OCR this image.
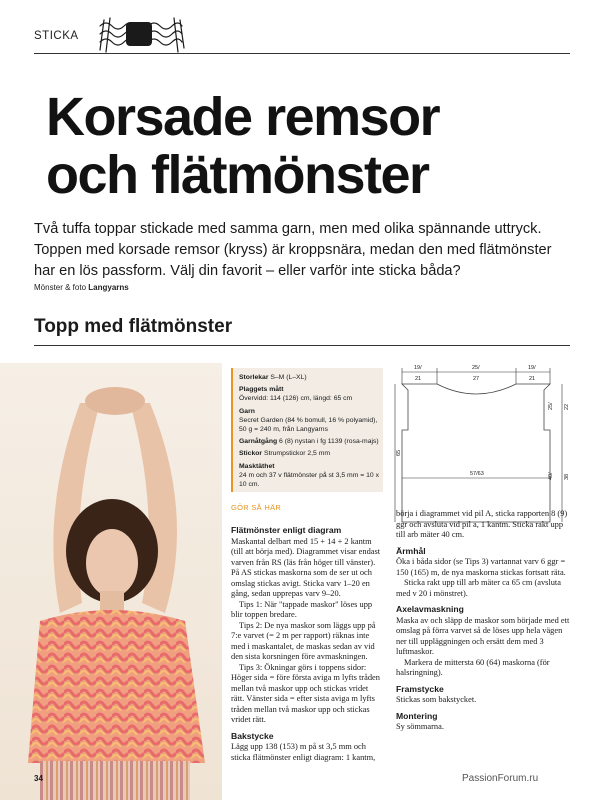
STICKA
Korsade remsor
och flätmönster
Två tuffa toppar stickade med samma garn, men med olika spännande uttryck. Toppen med korsade remsor (kryss) är kroppsnära, medan den med flätmönster har en lös passform. Välj din favorit – eller varför inte sticka båda?
Mönster & foto Langyarns
Topp med flätmönster
Storlekar S–M (L–XL)
Plaggets mått
Övervidd: 114 (126) cm, längd: 65 cm
Garn
Secret Garden (84 % bomull, 16 % polyamid), 50 g = 240 m, från Langyarns
Garnåtgång 6 (8) nystan i fg 1139 (rosa-majs)
Stickor Strumpstickor 2,5 mm
Masktäthet
24 m och 37 v flätmönster på st 3,5 mm = 10 x 10 cm.
19/	25/	19/
21	27	21
25/ 22
40/ 38
65
57/63
GÖR SÅ HÄR
Flätmönster enligt diagram
Maskantal delbart med 15 + 14 + 2 kantm (till att börja med). Diagrammet visar endast varven från RS (läs från höger till vänster). På AS stickas maskorna som de ser ut och omslag stickas avigt. Sticka varv 1–20 en gång, sedan upprepas varv 9–20.
Tips 1: När "tappade maskor" löses upp blir toppen bredare.
Tips 2: De nya maskor som läggs upp på 7:e varvet (= 2 m per rapport) räknas inte med i maskantalet, de maskas sedan av vid den sista korsningen före avmaskningen.
Tips 3: Ökningar görs i toppens sidor: Höger sida = före första aviga m lyfts tråden mellan två maskor upp och stickas vridet rätt. Vänster sida = efter sista aviga m lyfts tråden mellan två maskor upp och stickas vridet rätt.
Bakstycke
Lägg upp 138 (153) m på st 3,5 mm och sticka flätmönster enligt diagram: 1 kantm,
börja i diagrammet vid pil A, sticka rapporten 8 (9) ggr och avsluta vid pil a, 1 kantm. Sticka rakt upp till arb mäter 40 cm.
Ärmhål
Öka i båda sidor (se Tips 3) vartannat varv 6 ggr = 150 (165) m, de nya maskorna stickas fortsatt räta.
Sticka rakt upp till arb mäter ca 65 cm (avsluta med v 20 i mönstret).
Axelavmaskning
Maska av och släpp de maskor som började med ett omslag på förra varvet så de löses upp hela vägen ner till uppläggningen och ersätt dem med 3 luftmaskor.
Markera de mittersta 60 (64) maskorna (för halsringning).
Framstycke
Stickas som bakstycket.
Montering
Sy sömmarna.
34	PassionForum.ru
